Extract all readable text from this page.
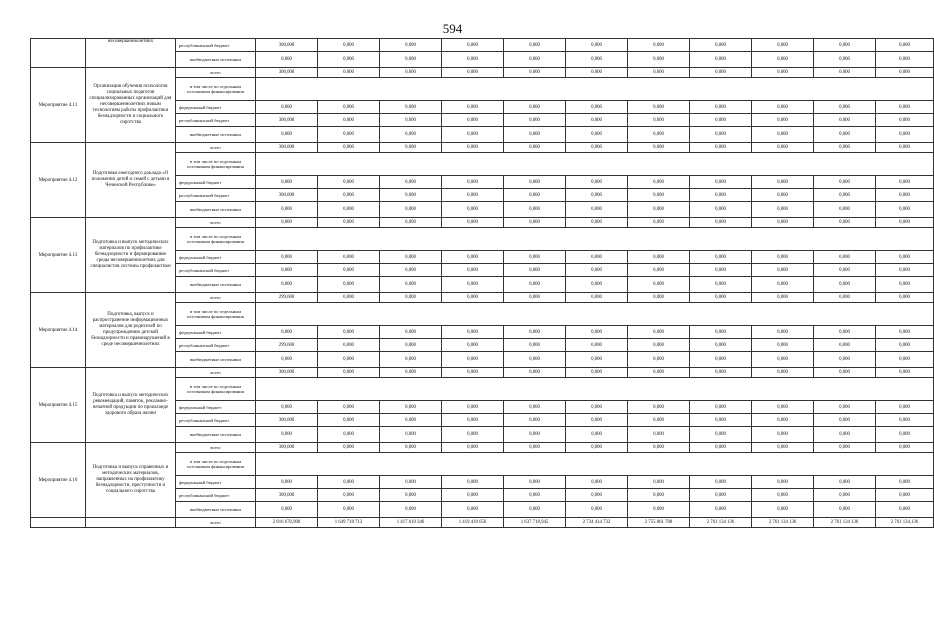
594
	несовершеннолетних	республиканский бюджет	300,000	0,000	0,000	0,000	0,000	0,000	0,000	0,000	0,000	0,000	0,000
		внебюджетные источники	0,000	0,000	0,000	0,000	0,000	0,000	0,000	0,000	0,000	0,000	0,000
Мероприятие 4.11	Организация обучения психологов социальных педагогов специализированных организаций для несовершеннолетних новым технологиям работы профилактики безнадзорности и социального сиротства	всего	300,000	0,000	0,000	0,000	0,000	0,000	0,000	0,000	0,000	0,000	0,000
		в том числе по отдельным источникам финансирования											
		федеральный бюджет	0,000	0,000	0,000	0,000	0,000	0,000	0,000	0,000	0,000	0,000	0,000
		республиканский бюджет	300,000	0,000	0,000	0,000	0,000	0,000	0,000	0,000	0,000	0,000	0,000
		внебюджетные источники	0,000	0,000	0,000	0,000	0,000	0,000	0,000	0,000	0,000	0,000	0,000
Мероприятие 4.12	Подготовка ежегодного доклада «О положении детей и семей с детьми в Чеченской Республике»	всего	300,000	0,000	0,000	0,000	0,000	0,000	0,000	0,000	0,000	0,000	0,000
		в том числе по отдельным источникам финансирования											
		федеральный бюджет	0,000	0,000	0,000	0,000	0,000	0,000	0,000	0,000	0,000	0,000	0,000
		республиканский бюджет	300,000	0,000	0,000	0,000	0,000	0,000	0,000	0,000	0,000	0,000	0,000
		внебюджетные источники	0,000	0,000	0,000	0,000	0,000	0,000	0,000	0,000	0,000	0,000	0,000
Мероприятие 4.13	Подготовка и выпуск методических материалов по профилактике безнадзорности и формированию среды несовершеннолетних для специалистов системы профилактики	всего	0,000	0,000	0,000	0,000	0,000	0,000	0,000	0,000	0,000	0,000	0,000
		в том числе по отдельным источникам финансирования											
		федеральный бюджет	0,000	0,000	0,000	0,000	0,000	0,000	0,000	0,000	0,000	0,000	0,000
		республиканский бюджет	0,000	0,000	0,000	0,000	0,000	0,000	0,000	0,000	0,000	0,000	0,000
		внебюджетные источники	0,000	0,000	0,000	0,000	0,000	0,000	0,000	0,000	0,000	0,000	0,000
Мероприятие 4.14	Подготовка, выпуск и распространение информационных материалов для родителей по предупреждению детской безнадзорности и правонарушений в среде несовершеннолетних	всего	299,600	0,000	0,000	0,000	0,000	0,000	0,000	0,000	0,000	0,000	0,000
		в том числе по отдельным источникам финансирования											
		федеральный бюджет	0,000	0,000	0,000	0,000	0,000	0,000	0,000	0,000	0,000	0,000	0,000
		республиканский бюджет	299,600	0,000	0,000	0,000	0,000	0,000	0,000	0,000	0,000	0,000	0,000
		внебюджетные источники	0,000	0,000	0,000	0,000	0,000	0,000	0,000	0,000	0,000	0,000	0,000
Мероприятие 4.15	Подготовка и выпуск методических рекомендаций, памяток, рекламно-печатной продукции по пропаганде здорового образа жизни	всего	300,000	0,000	0,000	0,000	0,000	0,000	0,000	0,000	0,000	0,000	0,000
		в том числе по отдельным источникам финансирования											
		федеральный бюджет	0,000	0,000	0,000	0,000	0,000	0,000	0,000	0,000	0,000	0,000	0,000
		республиканский бюджет	300,000	0,000	0,000	0,000	0,000	0,000	0,000	0,000	0,000	0,000	0,000
		внебюджетные источники	0,000	0,000	0,000	0,000	0,000	0,000	0,000	0,000	0,000	0,000	0,000
Мероприятие 4.16	Подготовка и выпуск справочных и методических материалов, направленных на профилактику безнадзорности, преступности и социального сиротства	всего	300,000	0,000	0,000	0,000	0,000	0,000	0,000	0,000	0,000	0,000	0,000
		в том числе по отдельным источникам финансирования											
		федеральный бюджет	0,000	0,000	0,000	0,000	0,000	0,000	0,000	0,000	0,000	0,000	0,000
		республиканский бюджет	300,000	0,000	0,000	0,000	0,000	0,000	0,000	0,000	0,000	0,000	0,000
		внебюджетные источники	0,000	0,000	0,000	0,000	0,000	0,000	0,000	0,000	0,000	0,000	0,000
		всего	2 816 676,900	1 649 718 713	1 417 610 346	1 419 418 656	1 637 718,945	2 734 414 732	2 755 861 708	2 761 134 136	2 761 134 136	2 761 134 136	2 761 134,136
